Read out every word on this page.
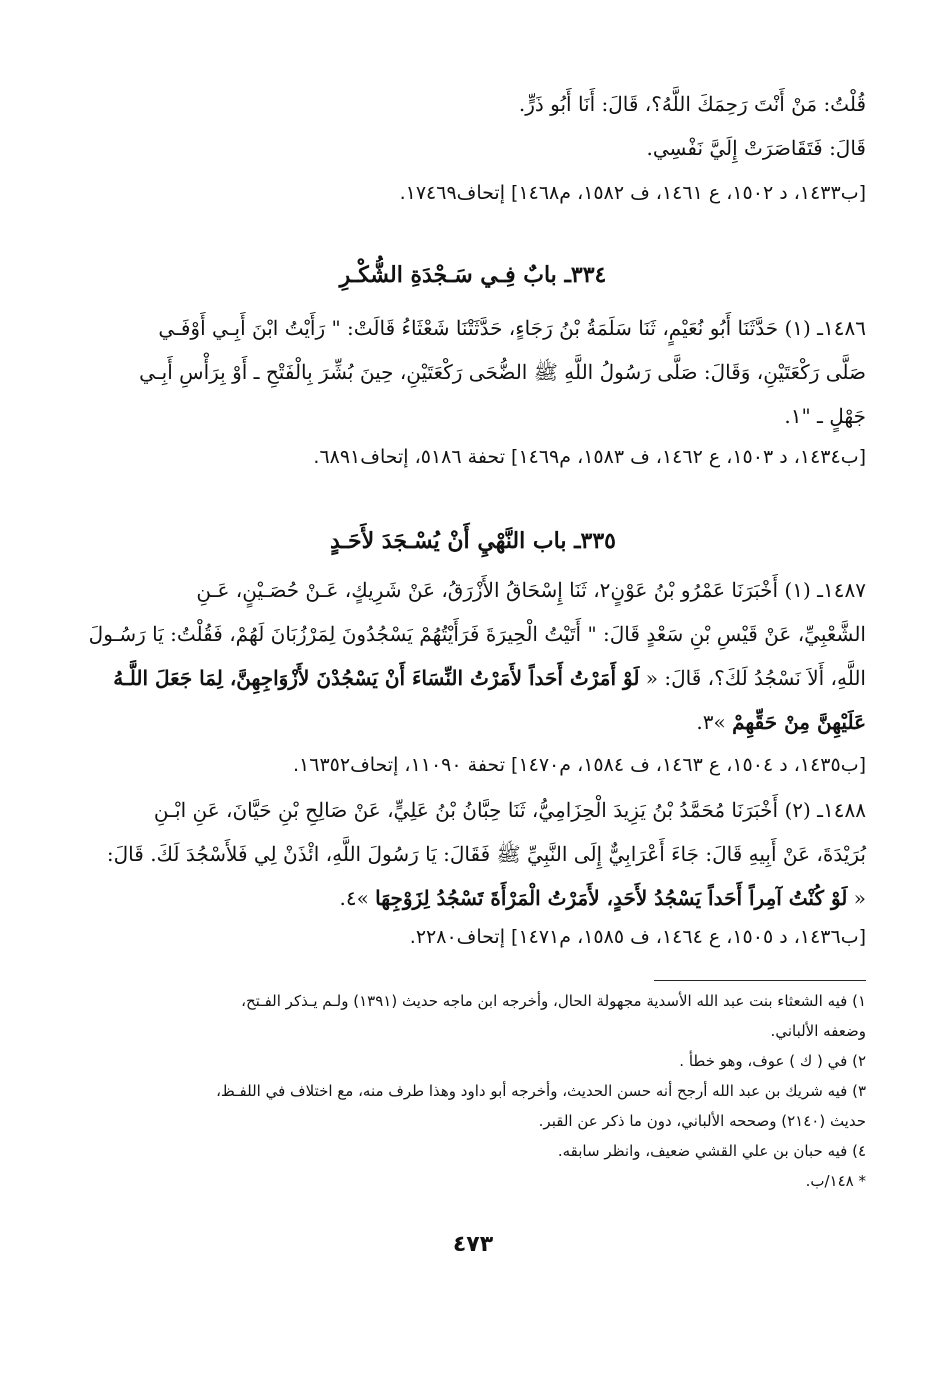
قُلْتُ: مَنْ أَنْتَ رَحِمَكَ اللَّهُ؟، قَالَ: أَنَا أَبُو ذَرٍّ.
قَالَ: فَتَقَاصَرَتْ إِلَيَّ نَفْسِي.
[ب١٤٣٣، د ١٥٠٢، ع ١٤٦١، ف ١٥٨٢، م١٤٦٨] إتحاف١٧٤٦٩.
٣٣٤ـ بابٌ فِـي سَـجْدَةِ الشُّكْـرِ
١٤٨٦ـ (١) حَدَّثَنَا أَبُو نُعَيْمٍ، ثَنَا سَلَمَةُ بْنُ رَجَاءٍ، حَدَّثَتْنَا شَعْثَاءُ قَالَتْ: " رَأَيْتُ ابْنَ أَبِـي أَوْفَـي
صَلَّى رَكْعَتَيْنِ، وَقَالَ: صَلَّى رَسُولُ اللَّهِ ﷺ الضُّحَى رَكْعَتَيْنِ، حِينَ بُشِّرَ بِالْفَتْحِ ـ أَوْ بِرَأْسِ أَبِـي
جَهْلٍ ـ "١.
[ب١٤٣٤، د ١٥٠٣، ع ١٤٦٢، ف ١٥٨٣، م١٤٦٩] تحفة ٥١٨٦، إتحاف٦٨٩١.
٣٣٥ـ باب النَّهْيِ أَنْ يُسْـجَدَ لأَحَـدٍ
١٤٨٧ـ (١) أَخْبَرَنَا عَمْرُو بْنُ عَوْنٍ٢، ثَنَا إِسْحَاقُ الأَزْرَقُ، عَنْ شَرِيكٍ، عَـنْ حُصَـيْنٍ، عَـنِ
الشَّعْبِيِّ، عَنْ قَيْسِ بْنِ سَعْدٍ قَالَ: " أَتَيْتُ الْحِيرَةَ فَرَأَيْتُهُمْ يَسْجُدُونَ لِمَرْزُبَانَ لَهُمْ، فَقُلْتُ: يَا رَسُـولَ
اللَّهِ، أَلاَ نَسْجُدُ لَكَ؟، قَالَ: « لَوْ أَمَرْتُ أَحَداً لأَمَرْتُ النِّسَاءَ أَنْ يَسْجُدْنَ لأَزْوَاجِهِنَّ، لِمَا جَعَلَ اللَّـهُ
عَلَيْهِنَّ مِنْ حَقِّهِمْ »٣.
[ب١٤٣٥، د ١٥٠٤، ع ١٤٦٣، ف ١٥٨٤، م١٤٧٠] تحفة ١١٠٩٠، إتحاف١٦٣٥٢.
١٤٨٨ـ (٢) أَخْبَرَنَا مُحَمَّدُ بْنُ يَزِيدَ الْحِزَامِيُّ، ثَنَا حِبَّانُ بْنُ عَلِيٍّ، عَنْ صَالِحِ بْنِ حَيَّانَ، عَنِ ابْـنِ
بُرَيْدَةَ، عَنْ أَبِيهِ قَالَ: جَاءَ أَعْرَابِيٌّ إِلَى النَّبِيِّ ﷺ فَقَالَ: يَا رَسُولَ اللَّهِ، ائْذَنْ لِي فَلأَسْجُدَ لَكَ. قَالَ:
« لَوْ كُنْتُ آمِراً أَحَداً يَسْجُدُ لأَحَدٍ، لأَمَرْتُ الْمَرْأَةَ تَسْجُدُ لِزَوْجِهَا »٤.
[ب١٤٣٦، د ١٥٠٥، ع ١٤٦٤، ف ١٥٨٥، م١٤٧١] إتحاف٢٢٨٠.
١) فيه الشعثاء بنت عبد الله الأسدية مجهولة الحال، وأخرجه ابن ماجه حديث (١٣٩١) ولـم يـذكر الفـتح،
وضعفه الألباني.
٢) في ( ك ) عوف، وهو خطأ .
٣) فيه شريك بن عبد الله أرجح أنه حسن الحديث، وأخرجه أبو داود وهذا طرف منه، مع اختلاف في اللفـظ،
حديث (٢١٤٠) وصححه الألباني، دون ما ذكر عن القبر.
٤) فيه حبان بن علي القشي ضعيف، وانظر سابقه.
* ١٤٨/ب.
٤٧٣
